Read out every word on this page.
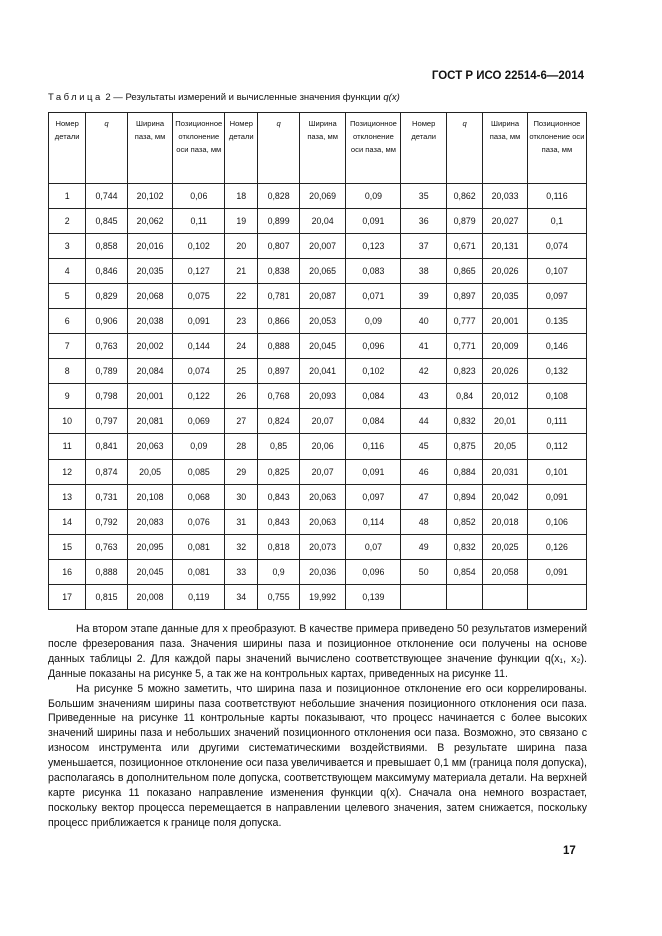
ГОСТ Р ИСО 22514-6—2014
Таблица 2 — Результаты измерений и вычисленные значения функции q(x)
Номер детали	q	Ширина паза, мм	Позиционное отклонение оси паза, мм	Номер детали	q	Ширина паза, мм	Позиционное отклонение оси паза, мм	Номер детали	q	Ширина паза, мм	Позиционное отклонение оси паза, мм
1	0,744	20,102	0,06	18	0,828	20,069	0,09	35	0,862	20,033	0,116
2	0,845	20,062	0,11	19	0,899	20,04	0,091	36	0,879	20,027	0,1
3	0,858	20,016	0,102	20	0,807	20,007	0,123	37	0,671	20,131	0,074
4	0,846	20,035	0,127	21	0,838	20,065	0,083	38	0,865	20,026	0,107
5	0,829	20,068	0,075	22	0,781	20,087	0,071	39	0,897	20,035	0,097
6	0,906	20,038	0,091	23	0,866	20,053	0,09	40	0,777	20,001	0.135
7	0,763	20,002	0,144	24	0,888	20,045	0,096	41	0,771	20,009	0,146
8	0,789	20,084	0,074	25	0,897	20,041	0,102	42	0,823	20,026	0,132
9	0,798	20,001	0,122	26	0,768	20,093	0,084	43	0,84	20,012	0,108
10	0,797	20,081	0,069	27	0,824	20,07	0,084	44	0,832	20,01	0,111
11	0,841	20,063	0,09	28	0,85	20,06	0,116	45	0,875	20,05	0,112
12	0,874	20,05	0,085	29	0,825	20,07	0,091	46	0,884	20,031	0,101
13	0,731	20,108	0,068	30	0,843	20,063	0,097	47	0,894	20,042	0,091
14	0,792	20,083	0,076	31	0,843	20,063	0,114	48	0,852	20,018	0,106
15	0,763	20,095	0,081	32	0,818	20,073	0,07	49	0,832	20,025	0,126
16	0,888	20,045	0,081	33	0,9	20,036	0,096	50	0,854	20,058	0,091
17	0,815	20,008	0,119	34	0,755	19,992	0,139				

На втором этапе данные для x преобразуют. В качестве примера приведено 50 результатов измерений после фрезерования паза. Значения ширины паза и позиционное отклонение оси получены на основе данных таблицы 2. Для каждой пары значений вычислено соответствующее значение функции q(x₁, x₂). Данные показаны на рисунке 5, а так же на контрольных картах, приведенных на рисунке 11.

На рисунке 5 можно заметить, что ширина паза и позиционное отклонение его оси коррелированы. Большим значениям ширины паза соответствуют небольшие значения позиционного отклонения оси паза. Приведенные на рисунке 11 контрольные карты показывают, что процесс начинается с более высоких значений ширины паза и небольших значений позиционного отклонения оси паза. Возможно, это связано с износом инструмента или другими систематическими воздействиями. В результате ширина паза уменьшается, позиционное отклонение оси паза увеличивается и превышает 0,1 мм (граница поля допуска), располагаясь в дополнительном поле допуска, соответствующем максимуму материала детали. На верхней карте рисунка 11 показано направление изменения функции q(x). Сначала она немного возрастает, поскольку вектор процесса перемещается в направлении целевого значения, затем снижается, поскольку процесс приближается к границе поля допуска.

17
